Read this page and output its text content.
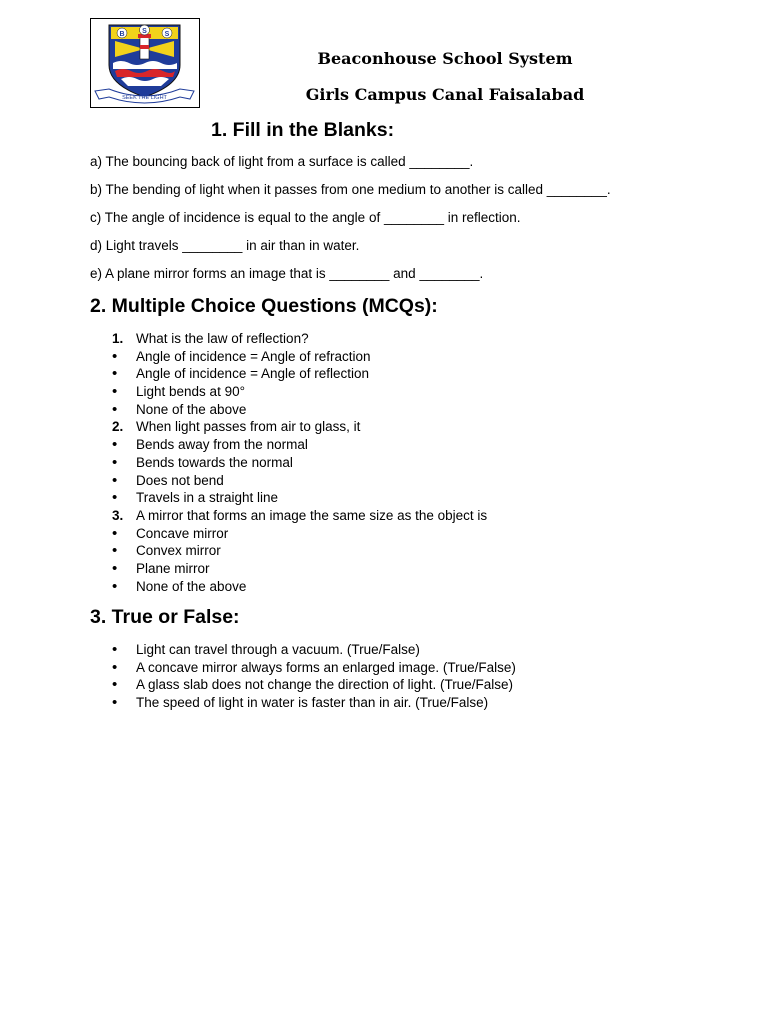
B	S	S
SEEK THE LIGHT
Beaconhouse School System
Girls Campus Canal Faisalabad
1. Fill in the Blanks:
a) The bouncing back of light from a surface is called ________.
b) The bending of light when it passes from one medium to another is called ________.
c) The angle of incidence is equal to the angle of ________ in reflection.
d) Light travels ________ in air than in water.
e) A plane mirror forms an image that is ________ and ________.
2. Multiple Choice Questions (MCQs):
1. What is the law of reflection?
•	Angle of incidence = Angle of refraction
•	Angle of incidence = Angle of reflection
•	Light bends at 90°
•	None of the above
2. When light passes from air to glass, it
•	Bends away from the normal
•	Bends towards the normal
•	Does not bend
•	Travels in a straight line
3. A mirror that forms an image the same size as the object is
•	Concave mirror
•	Convex mirror
•	Plane mirror
•	None of the above
3. True or False:
•	Light can travel through a vacuum. (True/False)
•	A concave mirror always forms an enlarged image. (True/False)
•	A glass slab does not change the direction of light. (True/False)
•	The speed of light in water is faster than in air. (True/False)
